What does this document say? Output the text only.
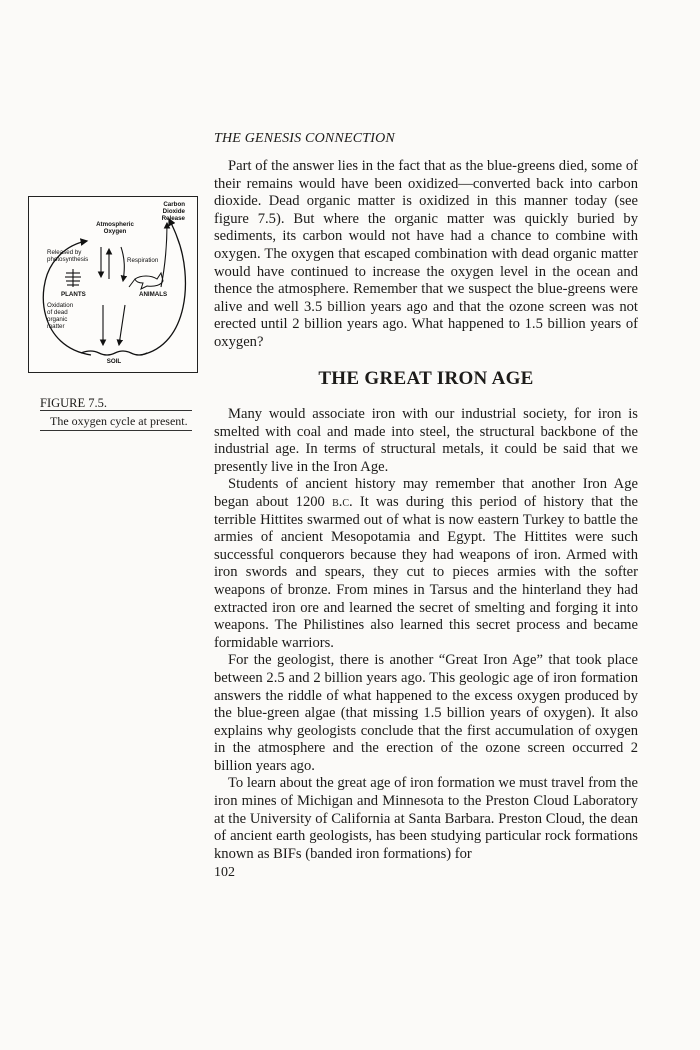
THE GENESIS CONNECTION
Carbon
Dioxide
Release
Atmospheric
Oxygen
Released by
photosynthesis	Respiration
PLANTS	ANIMALS
Oxidation
of dead
organic
matter
SOIL
FIGURE 7.5.
The oxygen cycle at present.

Part of the answer lies in the fact that as the blue-greens died, some of their remains would have been oxidized—converted back into carbon dioxide. Dead organic matter is oxidized in this manner today (see figure 7.5). But where the organic matter was quickly buried by sediments, its carbon would not have had a chance to combine with oxygen. The oxygen that escaped combination with dead organic matter would have continued to increase the oxygen level in the ocean and thence the atmosphere. Remember that we suspect the blue-greens were alive and well 3.5 billion years ago and that the ozone screen was not erected until 2 billion years ago. What happened to 1.5 billion years of oxygen?

THE GREAT IRON AGE

Many would associate iron with our industrial society, for iron is smelted with coal and made into steel, the structural backbone of the industrial age. In terms of structural metals, it could be said that we presently live in the Iron Age.

Students of ancient history may remember that another Iron Age began about 1200 b.c. It was during this period of history that the terrible Hittites swarmed out of what is now eastern Turkey to battle the armies of ancient Mesopotamia and Egypt. The Hittites were such successful conquerors because they had weapons of iron. Armed with iron swords and spears, they cut to pieces armies with the softer weapons of bronze. From mines in Tarsus and the hinterland they had extracted iron ore and learned the secret of smelting and forging it into weapons. The Philistines also learned this secret process and became formidable warriors.

For the geologist, there is another “Great Iron Age” that took place between 2.5 and 2 billion years ago. This geologic age of iron formation answers the riddle of what happened to the excess oxygen produced by the blue-green algae (that missing 1.5 billion years of oxygen). It also explains why geologists conclude that the first accumulation of oxygen in the atmosphere and the erection of the ozone screen occurred 2 billion years ago.

To learn about the great age of iron formation we must travel from the iron mines of Michigan and Minnesota to the Preston Cloud Laboratory at the University of California at Santa Barbara. Preston Cloud, the dean of ancient earth geologists, has been studying particular rock formations known as BIFs (banded iron formations) for

102
